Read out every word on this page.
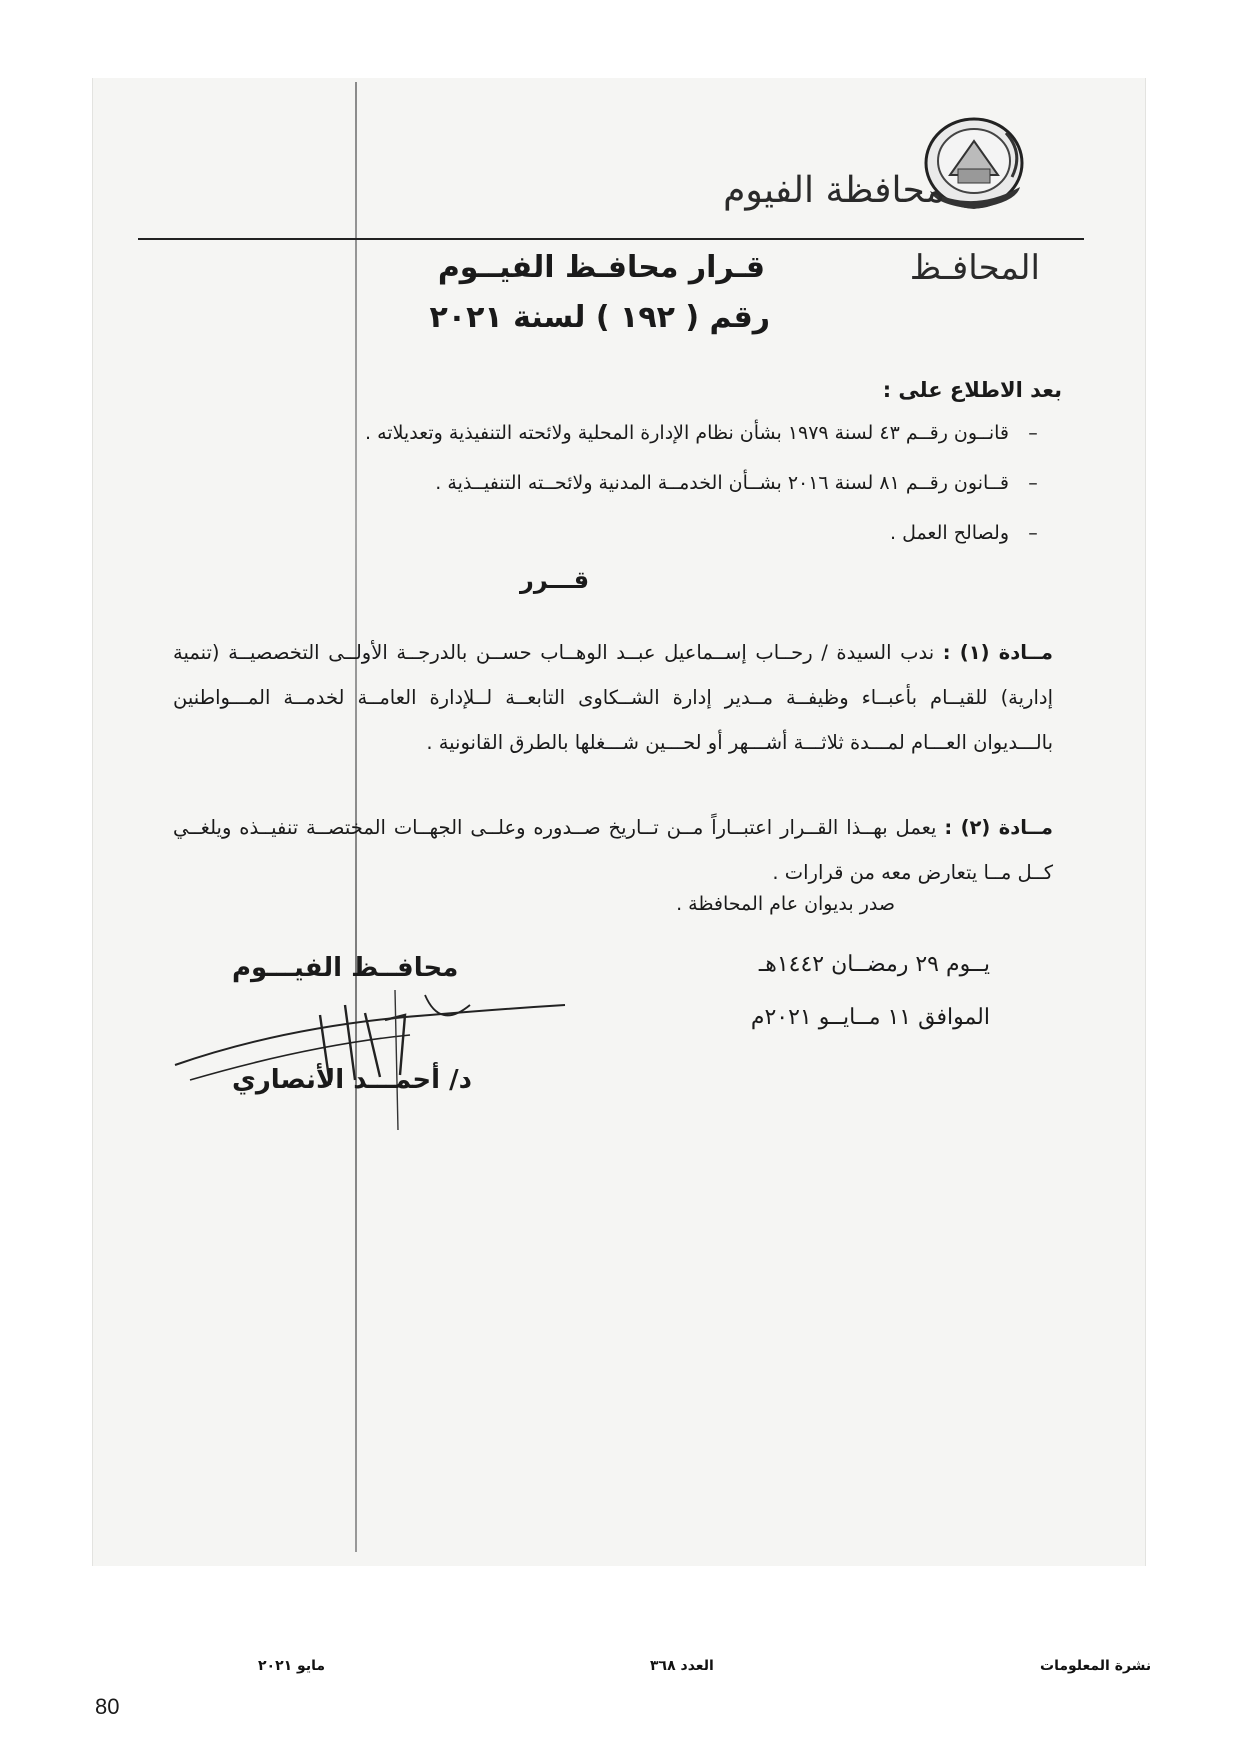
محافظة الفيوم
المحافـظ
قـرار محافـظ الفيــوم
رقم ( ١٩٢ ) لسنة ٢٠٢١
بعد الاطلاع على :
–قانــون رقــم ٤٣ لسنة ١٩٧٩ بشأن نظام الإدارة المحلية ولائحته التنفيذية وتعديلاته .
–قــانون رقــم ٨١ لسنة ٢٠١٦ بشــأن الخدمــة المدنية ولائحــته التنفيــذية .
–ولصالح العمل .
قـــرر
مــادة (١) : ندب السيدة / رحــاب إســماعيل عبــد الوهــاب حســن بالدرجــة الأولــى التخصصيــة (تنمية إدارية) للقيــام بأعبــاء وظيفــة مــدير إدارة الشــكاوى التابعــة لــلإدارة العامــة لخدمــة المـــواطنين بالـــديوان العـــام لمـــدة ثلاثـــة أشـــهر أو لحـــين شـــغلها بالطرق القانونية .
مــادة (٢) : يعمل بهــذا القــرار اعتبــاراً مــن تــاريخ صــدوره وعلــى الجهــات المختصــة تنفيــذه ويلغــي كــل مــا يتعارض معه من قرارات .
صدر بديوان عام المحافظة .
يــوم ٢٩ رمضــان ١٤٤٢هـ
الموافق ١١ مــايــو ٢٠٢١م
محافــظ الفيـــوم
د/ أحمـــد الأنصاري
مايو ٢٠٢١	العدد ٣٦٨	نشرة المعلومات
80
